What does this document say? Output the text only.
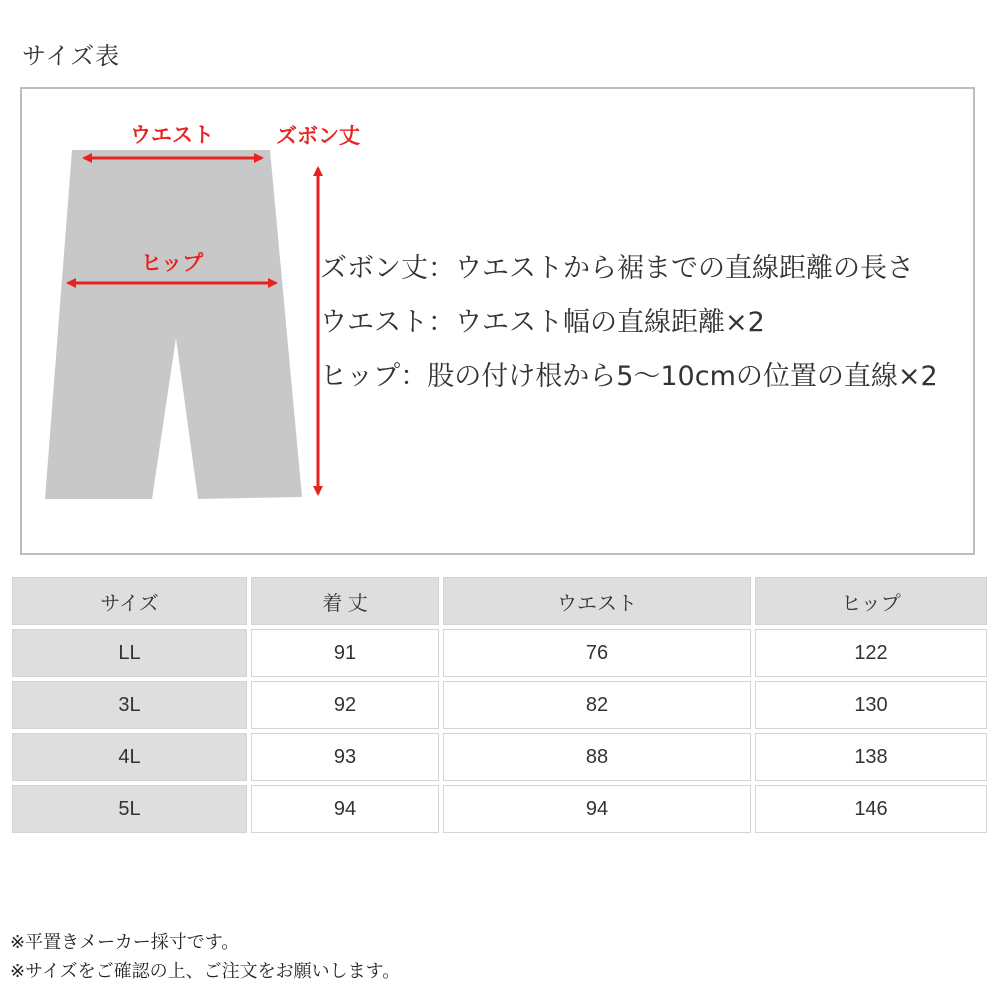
サイズ表
ウエスト	ズボン丈
ヒップ	ズボン丈：ウエストから裾までの直線距離の長さ
ウエスト：ウエスト幅の直線距離×2
ヒップ：股の付け根から5〜10cmの位置の直線×2
サイズ	着 丈	ウエスト	ヒップ
LL	91	76	122
3L	92	82	130
4L	93	88	138
5L	94	94	146
※平置きメーカー採寸です。
※サイズをご確認の上、ご注文をお願いします。
